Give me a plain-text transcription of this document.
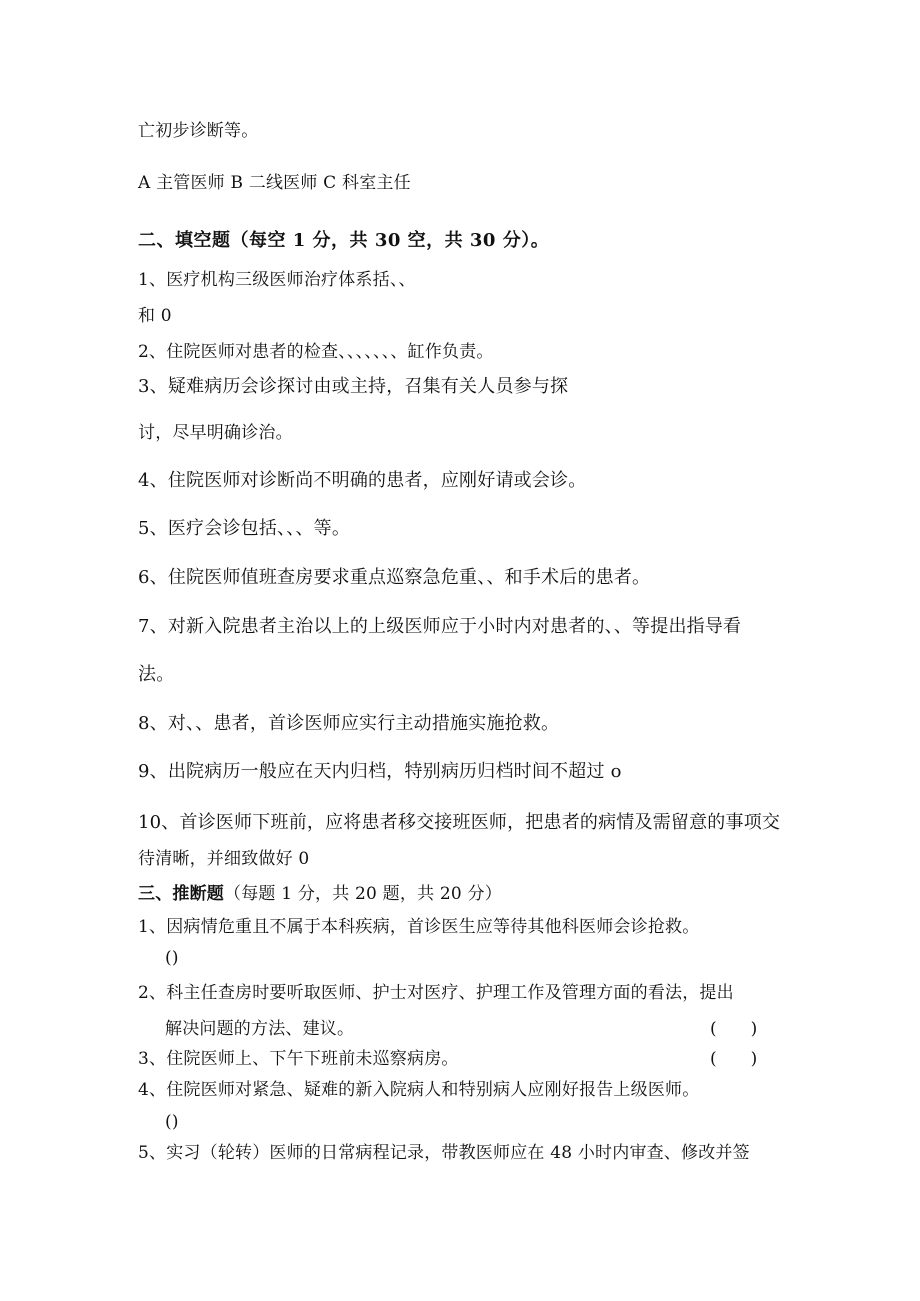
亡初步诊断等。
A 主管医师 B 二线医师 C 科室主任
二、填空题（每空 1 分，共 30 空，共 30 分）。
1、医疗机构三级医师治疗体系括、、
和 0
2、住院医师对患者的检查、、、、、、、缸作负责。
3、疑难病历会诊探讨由或主持，召集有关人员参与探
讨，尽早明确诊治。
4、住院医师对诊断尚不明确的患者，应刚好请或会诊。
5、医疗会诊包括、、、等。
6、住院医师值班查房要求重点巡察急危重、、和手术后的患者。
7、对新入院患者主治以上的上级医师应于小时内对患者的、、等提出指导看
法。
8、对、、患者，首诊医师应实行主动措施实施抢救。
9、出院病历一般应在天内归档，特别病历归档时间不超过 o
10、首诊医师下班前，应将患者移交接班医师，把患者的病情及需留意的事项交
待清晰，并细致做好 0
三、推断题（每题 1 分，共 20 题，共 20 分）
1、因病情危重且不属于本科疾病，首诊医生应等待其他科医师会诊抢救。
()
2、科主任查房时要听取医师、护士对医疗、护理工作及管理方面的看法，提出
解决问题的方法、建议。	(　　)
3、住院医师上、下午下班前未巡察病房。	(　　)
4、住院医师对紧急、疑难的新入院病人和特别病人应刚好报告上级医师。
()
5、实习（轮转）医师的日常病程记录，带教医师应在 48 小时内审查、修改并签
